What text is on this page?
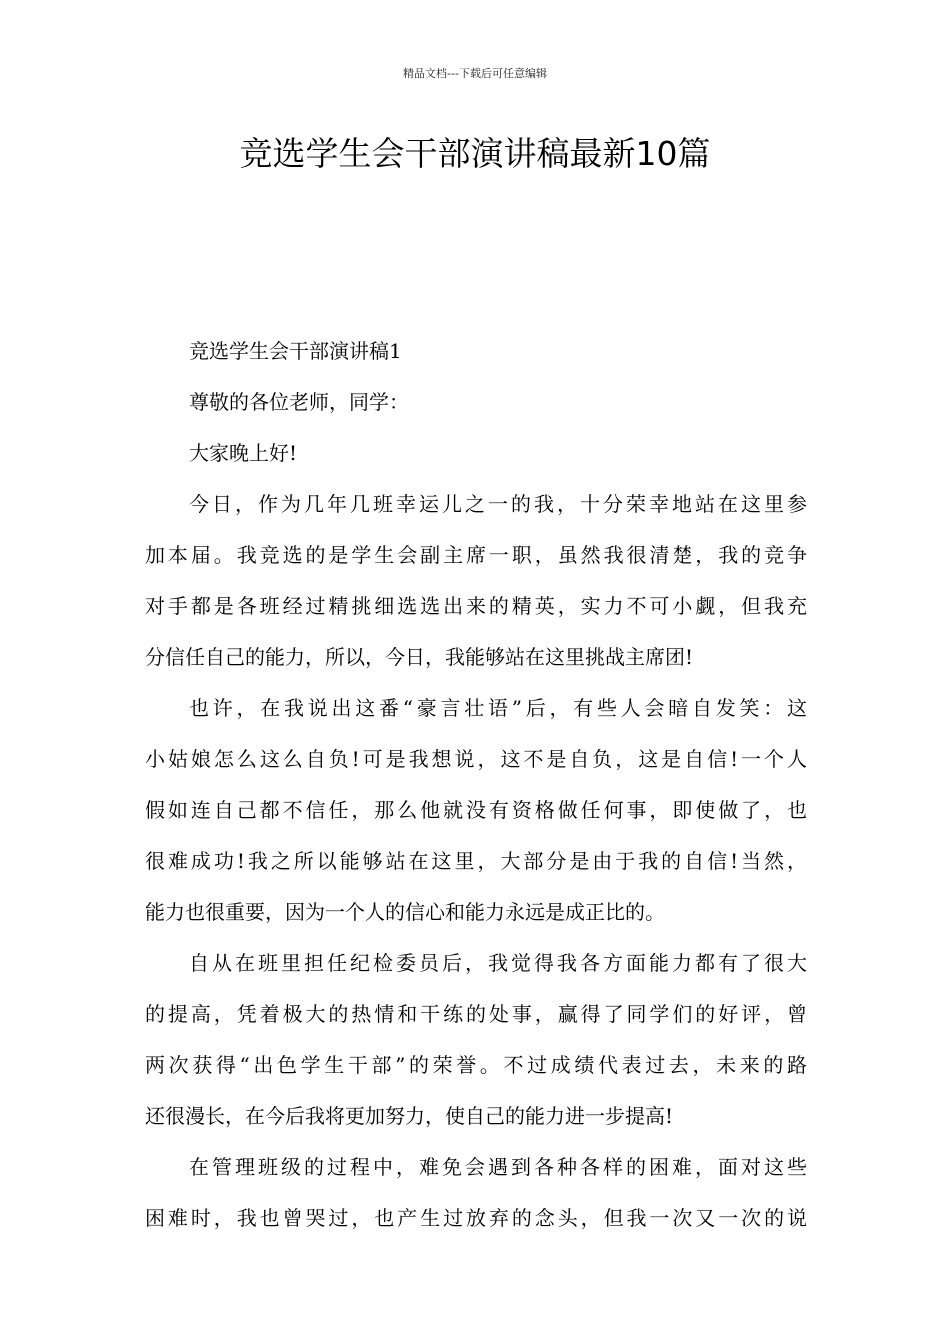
精品文档---下载后可任意编辑
竞选学生会干部演讲稿最新10篇
竞选学生会干部演讲稿1
尊敬的各位老师，同学：
大家晚上好!
今日，作为几年几班幸运儿之一的我，十分荣幸地站在这里参
加本届。我竞选的是学生会副主席一职，虽然我很清楚，我的竞争
对手都是各班经过精挑细选选出来的精英，实力不可小觑，但我充
分信任自己的能力，所以，今日，我能够站在这里挑战主席团!
也许，在我说出这番“豪言壮语”后，有些人会暗自发笑：这
小姑娘怎么这么自负!可是我想说，这不是自负，这是自信!一个人
假如连自己都不信任，那么他就没有资格做任何事，即使做了，也
很难成功!我之所以能够站在这里，大部分是由于我的自信!当然，
能力也很重要，因为一个人的信心和能力永远是成正比的。
自从在班里担任纪检委员后，我觉得我各方面能力都有了很大
的提高，凭着极大的热情和干练的处事，赢得了同学们的好评，曾
两次获得“出色学生干部”的荣誉。不过成绩代表过去，未来的路
还很漫长，在今后我将更加努力，使自己的能力进一步提高!
在管理班级的过程中，难免会遇到各种各样的困难，面对这些
困难时，我也曾哭过，也产生过放弃的念头，但我一次又一次的说
